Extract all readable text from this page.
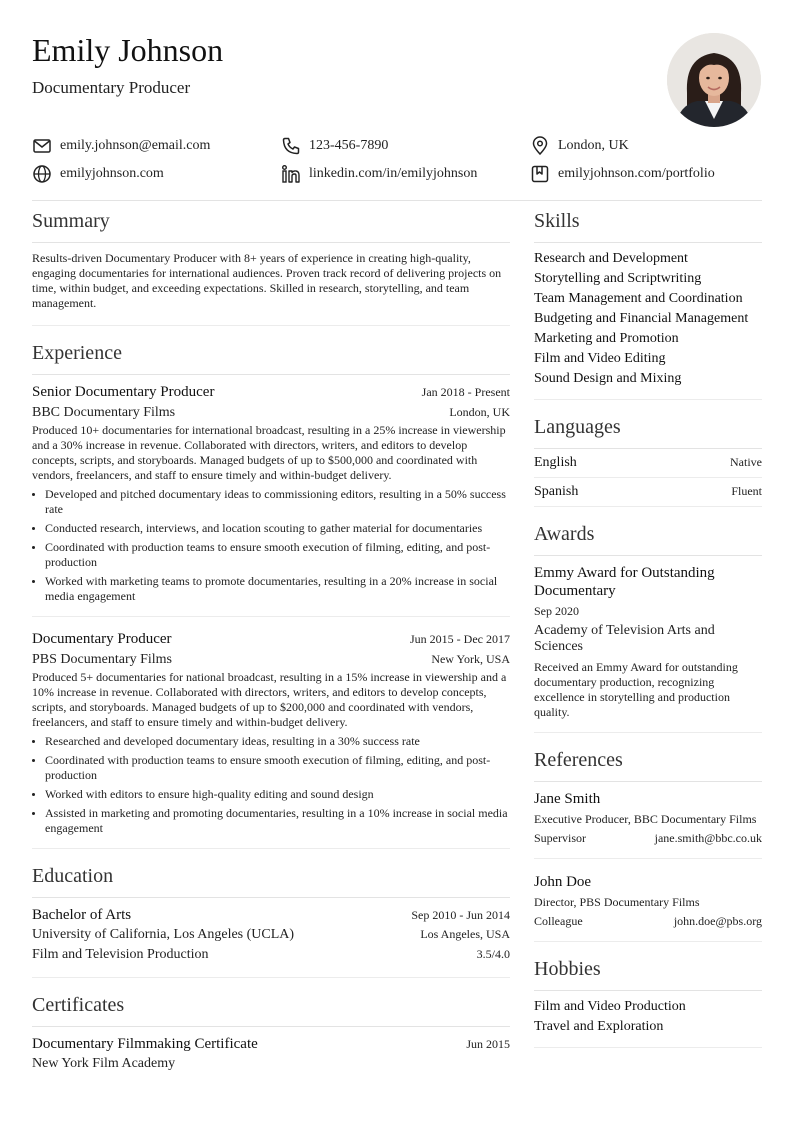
Emily Johnson
Documentary Producer
emily.johnson@email.com	123-456-7890	London, UK
emilyjohnson.com	linkedin.com/in/emilyjohnson	emilyjohnson.com/portfolio
Summary
Results-driven Documentary Producer with 8+ years of experience in creating high-quality, engaging documentaries for international audiences. Proven track record of delivering projects on time, within budget, and exceeding expectations. Skilled in research, storytelling, and team management.
Experience
Senior Documentary Producer	Jan 2018 - Present
BBC Documentary Films	London, UK
Produced 10+ documentaries for international broadcast, resulting in a 25% increase in viewership and a 30% increase in revenue. Collaborated with directors, writers, and editors to develop concepts, scripts, and storyboards. Managed budgets of up to $500,000 and coordinated with vendors, freelancers, and staff to ensure timely and within-budget delivery.
• Developed and pitched documentary ideas to commissioning editors, resulting in a 50% success rate
• Conducted research, interviews, and location scouting to gather material for documentaries
• Coordinated with production teams to ensure smooth execution of filming, editing, and post-production
• Worked with marketing teams to promote documentaries, resulting in a 20% increase in social media engagement
Documentary Producer	Jun 2015 - Dec 2017
PBS Documentary Films	New York, USA
Produced 5+ documentaries for national broadcast, resulting in a 15% increase in viewership and a 10% increase in revenue. Collaborated with directors, writers, and editors to develop concepts, scripts, and storyboards. Managed budgets of up to $200,000 and coordinated with vendors, freelancers, and staff to ensure timely and within-budget delivery.
• Researched and developed documentary ideas, resulting in a 30% success rate
• Coordinated with production teams to ensure smooth execution of filming, editing, and post-production
• Worked with editors to ensure high-quality editing and sound design
• Assisted in marketing and promoting documentaries, resulting in a 10% increase in social media engagement
Education
Bachelor of Arts	Sep 2010 - Jun 2014
University of California, Los Angeles (UCLA)	Los Angeles, USA
Film and Television Production	3.5/4.0
Certificates
Documentary Filmmaking Certificate	Jun 2015
New York Film Academy
Skills
Research and Development
Storytelling and Scriptwriting
Team Management and Coordination
Budgeting and Financial Management
Marketing and Promotion
Film and Video Editing
Sound Design and Mixing
Languages
English	Native
Spanish	Fluent
Awards
Emmy Award for Outstanding Documentary
Sep 2020
Academy of Television Arts and Sciences
Received an Emmy Award for outstanding documentary production, recognizing excellence in storytelling and production quality.
References
Jane Smith
Executive Producer, BBC Documentary Films
Supervisor	jane.smith@bbc.co.uk
John Doe
Director, PBS Documentary Films
Colleague	john.doe@pbs.org
Hobbies
Film and Video Production
Travel and Exploration
